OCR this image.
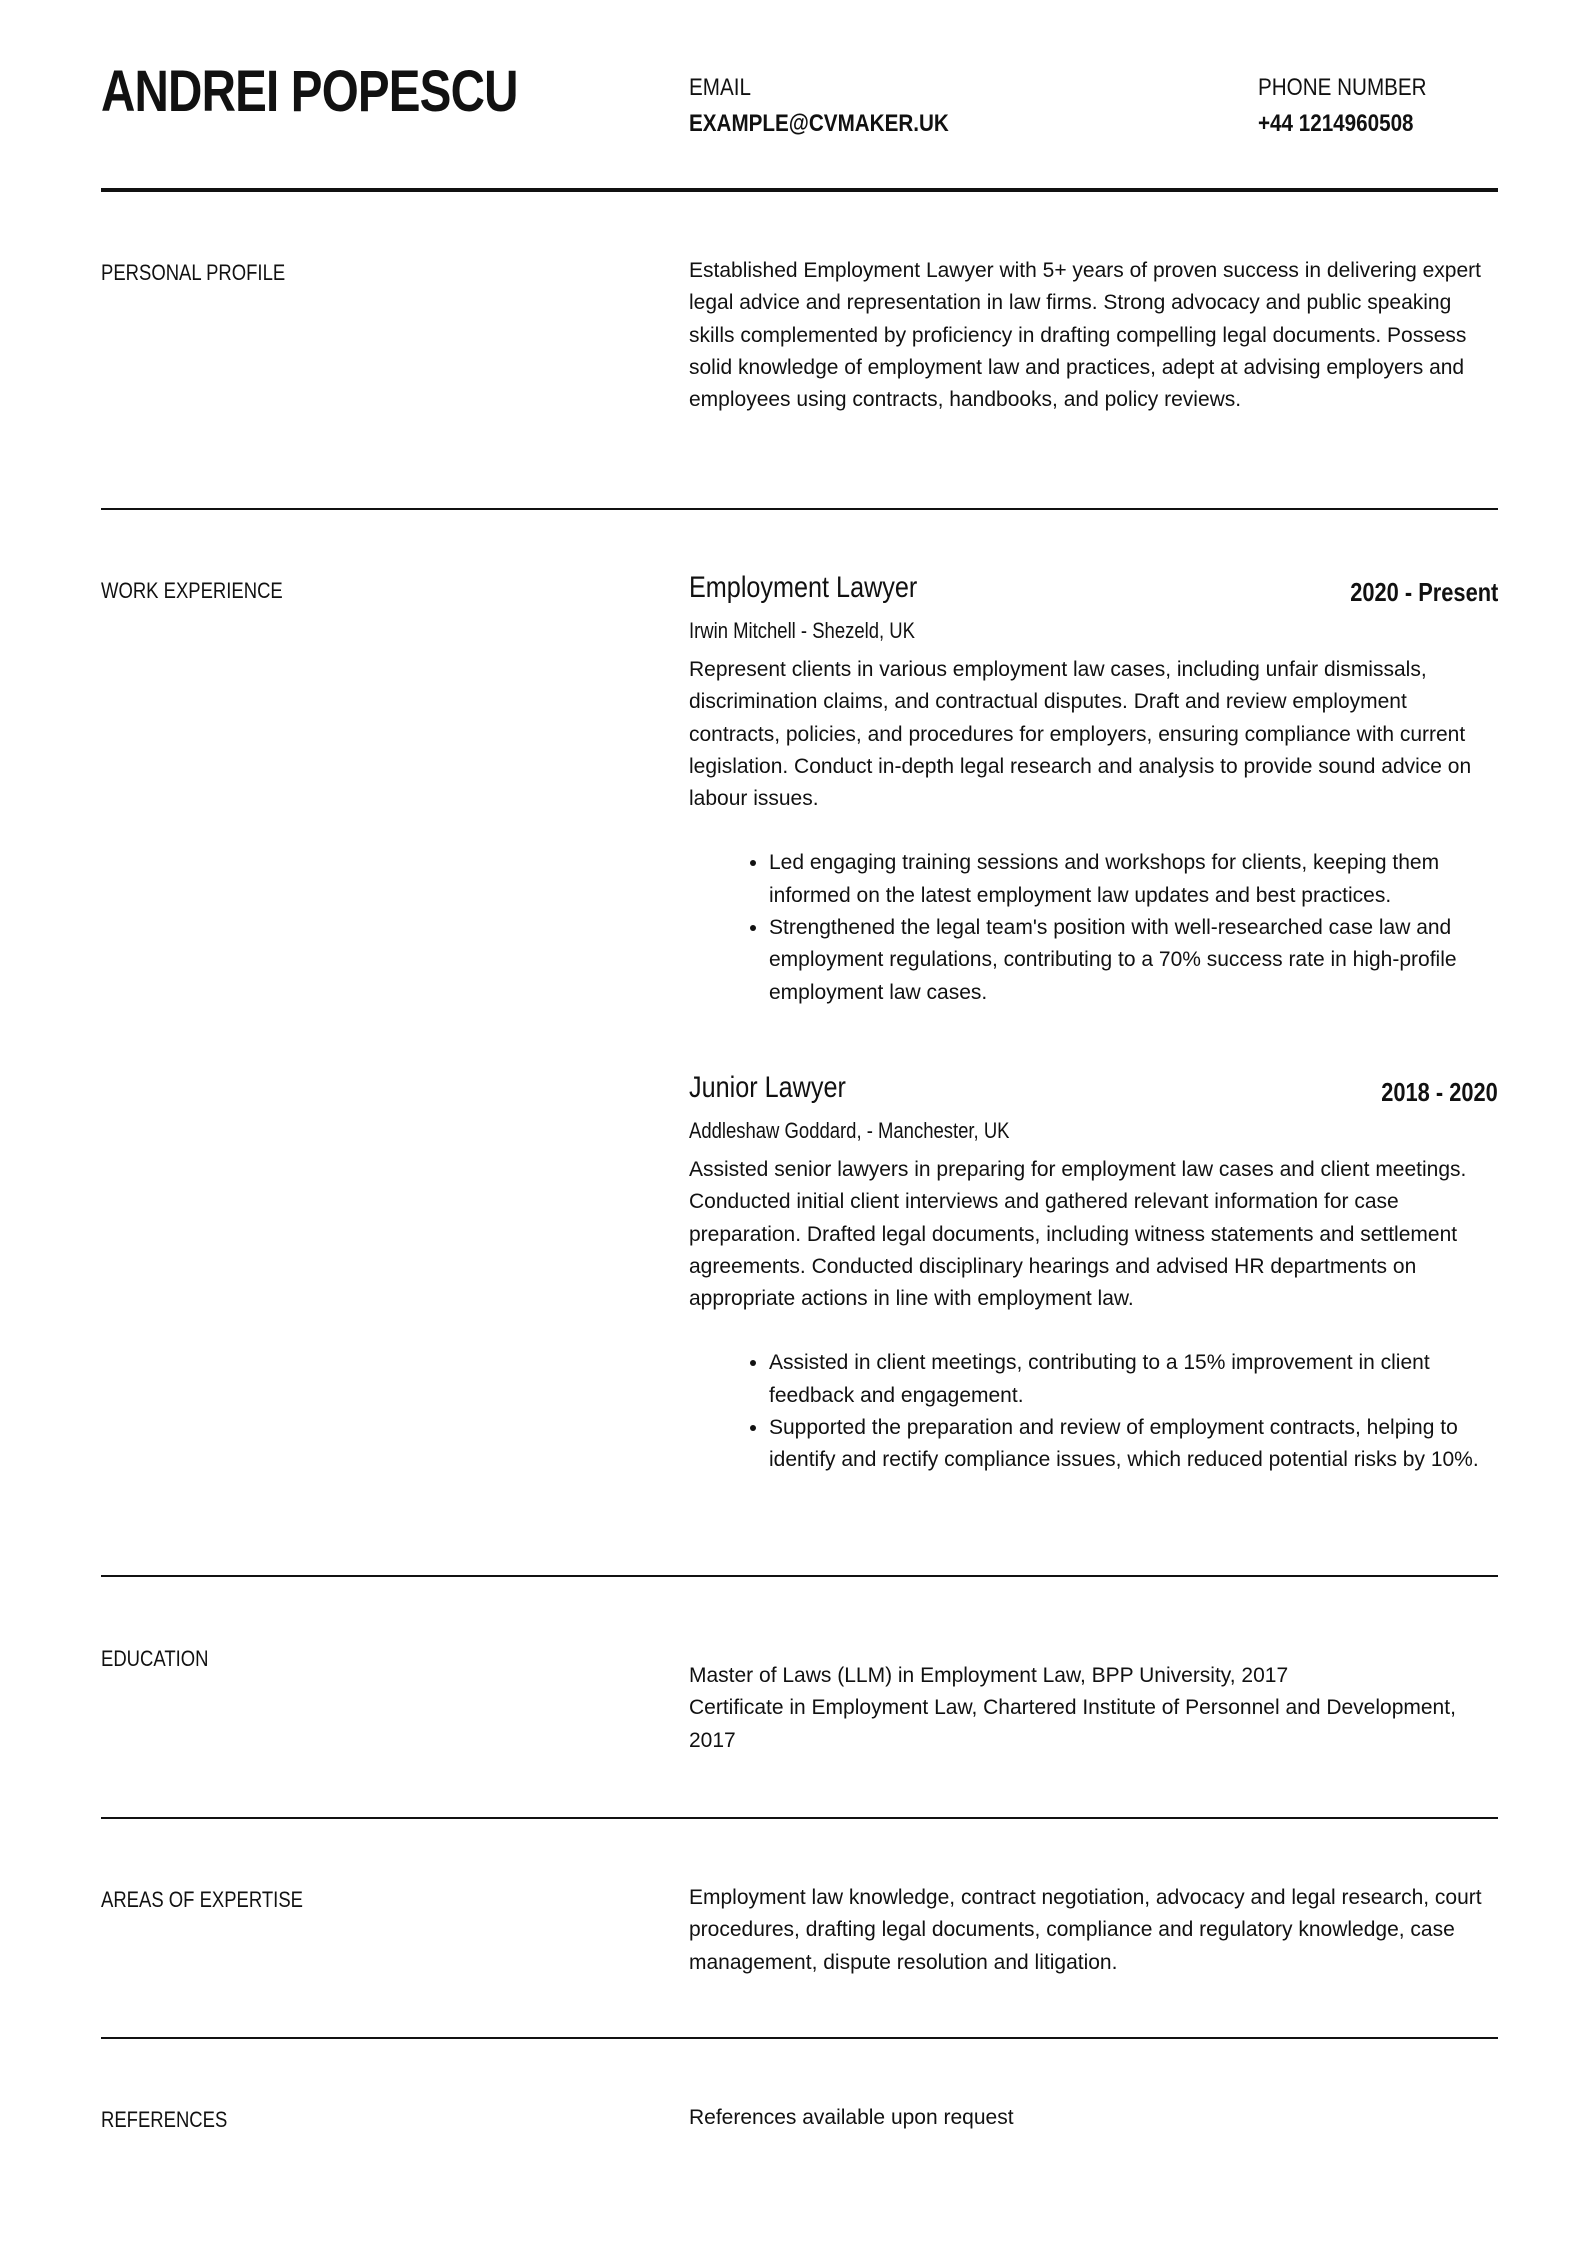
ANDREI POPESCU	EMAIL
EXAMPLE@CVMAKER.UK
PHONE NUMBER
+44 1214960508
PERSONAL PROFILE	Established Employment Lawyer with 5+ years of proven success in delivering expert legal advice and representation in law firms. Strong advocacy and public speaking skills complemented by proficiency in drafting compelling legal documents. Possess solid knowledge of employment law and practices, adept at advising employers and employees using contracts, handbooks, and policy reviews.

WORK EXPERIENCE	Employment Lawyer	2020 - Present
Irwin Mitchell - Shezeld, UK

Represent clients in various employment law cases, including unfair dismissals, discrimination claims, and contractual disputes. Draft and review employment contracts, policies, and procedures for employers, ensuring compliance with current legislation. Conduct in-depth legal research and analysis to provide sound advice on labour issues.

• Led engaging training sessions and workshops for clients, keeping them informed on the latest employment law updates and best practices.
• Strengthened the legal team's position with well-researched case law and employment regulations, contributing to a 70% success rate in high-profile employment law cases.
Junior Lawyer	2018 - 2020
Addleshaw Goddard, - Manchester, UK

Assisted senior lawyers in preparing for employment law cases and client meetings. Conducted initial client interviews and gathered relevant information for case preparation. Drafted legal documents, including witness statements and settlement agreements. Conducted disciplinary hearings and advised HR departments on appropriate actions in line with employment law.

• Assisted in client meetings, contributing to a 15% improvement in client feedback and engagement.
• Supported the preparation and review of employment contracts, helping to identify and rectify compliance issues, which reduced potential risks by 10%.
EDUCATION

Master of Laws (LLM) in Employment Law, BPP University, 2017

Certificate in Employment Law, Chartered Institute of Personnel and Development, 2017

AREAS OF EXPERTISE	Employment law knowledge, contract negotiation, advocacy and legal research, court procedures, drafting legal documents, compliance and regulatory knowledge, case management, dispute resolution and litigation.

REFERENCES	References available upon request
